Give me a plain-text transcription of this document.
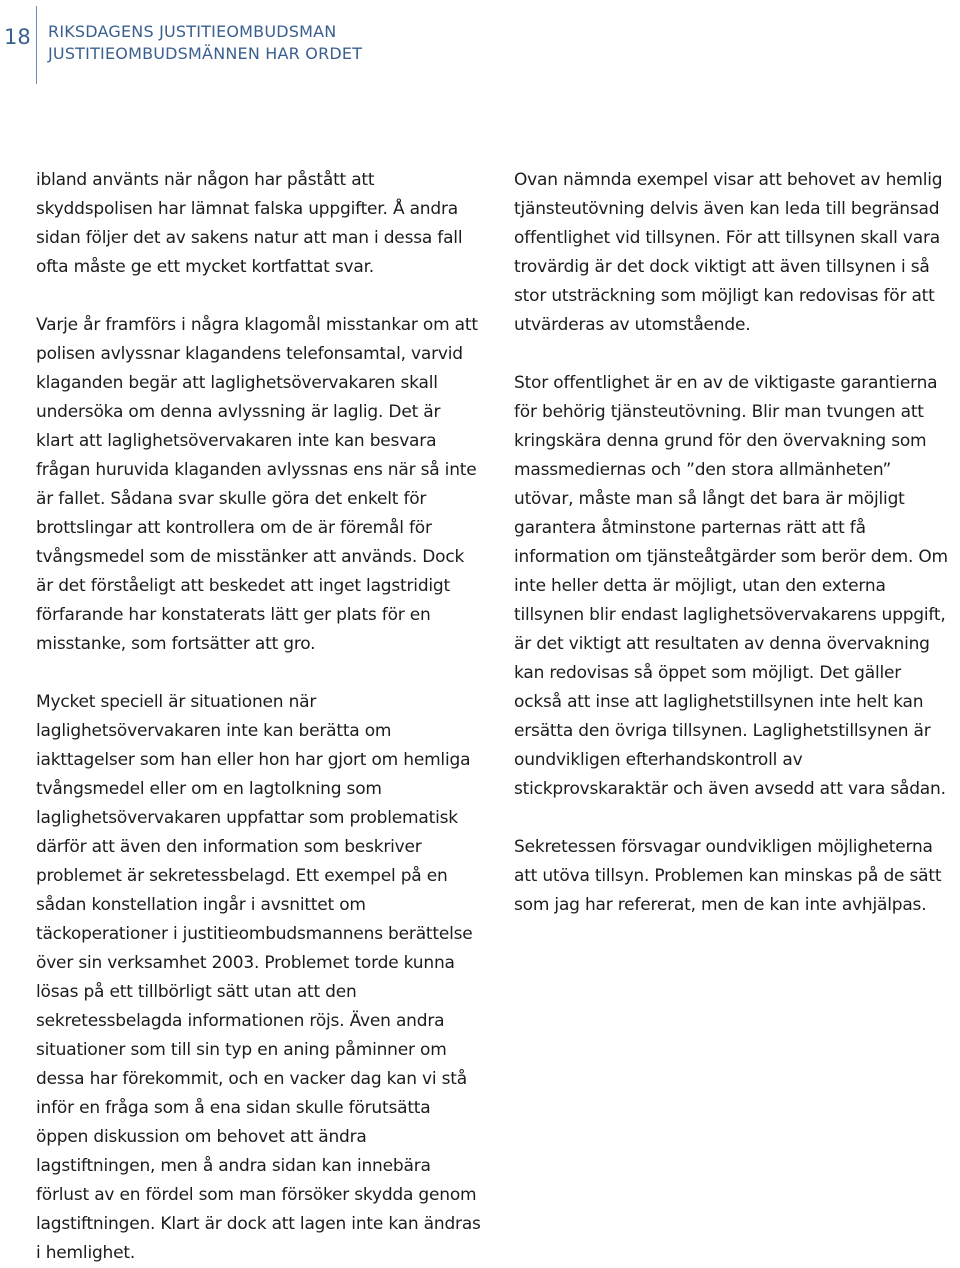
18 RIKSDAGENS JUSTITIEOMBUDSMAN
JUSTITIEOMBUDSMÄNNEN HAR ORDET

ibland använts när någon har påstått att skyddspolisen har lämnat falska uppgifter. Å andra sidan följer det av sakens natur att man i dessa fall ofta måste ge ett mycket kortfattat svar.

Varje år framförs i några klagomål misstankar om att polisen avlyssnar klagandens telefonsamtal, varvid klaganden begär att laglighetsövervakaren skall undersöka om denna avlyssning är laglig. Det är klart att laglighetsövervakaren inte kan besvara frågan huruvida klaganden avlyssnas ens när så inte är fallet. Sådana svar skulle göra det enkelt för brottslingar att kontrollera om de är föremål för tvångsmedel som de misstänker att används. Dock är det förståeligt att beskedet att inget lagstridigt förfarande har konstaterats lätt ger plats för en misstanke, som fortsätter att gro.

Mycket speciell är situationen när laglighetsövervakaren inte kan berätta om iakttagelser som han eller hon har gjort om hemliga tvångsmedel eller om en lagtolkning som laglighetsövervakaren uppfattar som problematisk därför att även den information som beskriver problemet är sekretessbelagd. Ett exempel på en sådan konstellation ingår i avsnittet om täckoperationer i justitieombudsmannens berättelse över sin verksamhet 2003. Problemet torde kunna lösas på ett tillbörligt sätt utan att den sekretessbelagda informationen röjs. Även andra situationer som till sin typ en aning påminner om dessa har förekommit, och en vacker dag kan vi stå inför en fråga som å ena sidan skulle förutsätta öppen diskussion om behovet att ändra lagstiftningen, men å andra sidan kan innebära förlust av en fördel som man försöker skydda genom lagstiftningen. Klart är dock att lagen inte kan ändras i hemlighet.

Ovan nämnda exempel visar att behovet av hemlig tjänsteutövning delvis även kan leda till begränsad offentlighet vid tillsynen. För att tillsynen skall vara trovärdig är det dock viktigt att även tillsynen i så stor utsträckning som möjligt kan redovisas för att utvärderas av utomstående.

Stor offentlighet är en av de viktigaste garantierna för behörig tjänsteutövning. Blir man tvungen att kringskära denna grund för den övervakning som massmediernas och ”den stora allmänheten” utövar, måste man så långt det bara är möjligt garantera åtminstone parternas rätt att få information om tjänsteåtgärder som berör dem. Om inte heller detta är möjligt, utan den externa tillsynen blir endast laglighetsövervakarens uppgift, är det viktigt att resultaten av denna övervakning kan redovisas så öppet som möjligt. Det gäller också att inse att laglighetstillsynen inte helt kan ersätta den övriga tillsynen. Laglighetstillsynen är oundvikligen efterhandskontroll av stickprovskaraktär och även avsedd att vara sådan.

Sekretessen försvagar oundvikligen möjligheterna att utöva tillsyn. Problemen kan minskas på de sätt som jag har refererat, men de kan inte avhjälpas.
